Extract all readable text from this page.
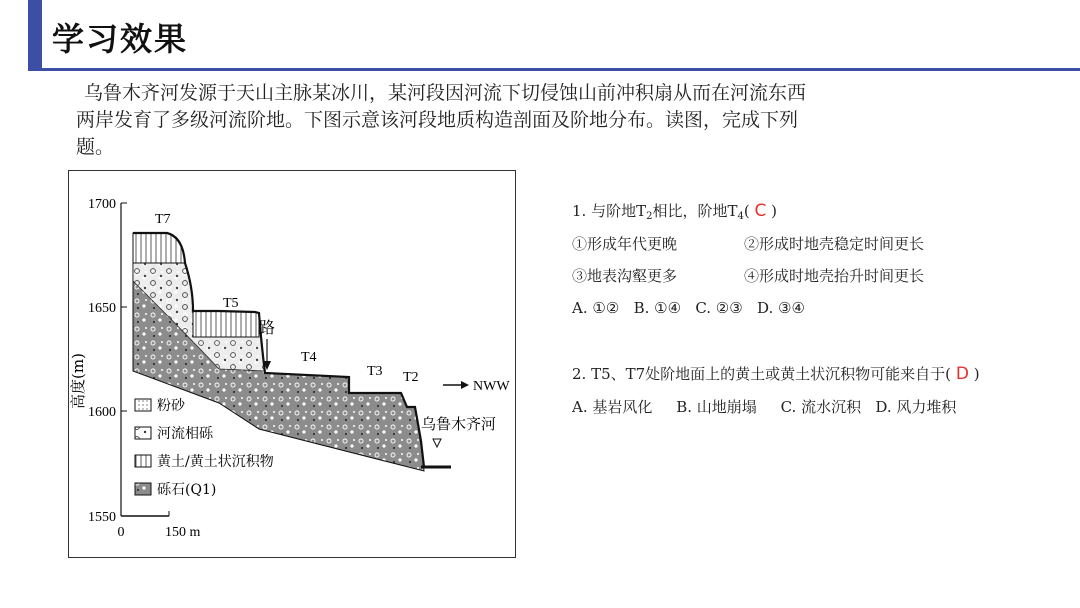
学习效果
乌鲁木齐河发源于天山主脉某冰川，某河段因河流下切侵蚀山前冲积扇从而在河流东西
两岸发育了多级河流阶地。下图示意该河段地质构造剖面及阶地分布。读图，完成下列
题。
1700
1650
1600
1550
高度(m)
0	150 m
T7
T5
T4
T3 T2
路
NWW
乌鲁木齐河
粉砂
河流相砾
黄土/黄土状沉积物
砾石(Q1)
1. 与阶地$T_2$相比，阶地$T_4$( C )
①形成年代更晚	②形成时地壳稳定时间更长
③地表沟壑更多	④形成时地壳抬升时间更长
A. ①②   B. ①④   C. ②③   D. ③④
2. T5、T7处阶地面上的黄土或黄土状沉积物可能来自于( D )
A. 基岩风化     B. 山地崩塌     C. 流水沉积   D. 风力堆积
